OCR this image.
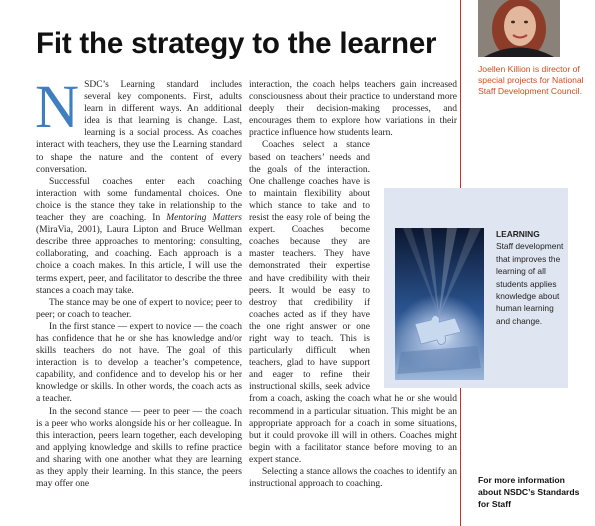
Fit the strategy to the learner
Joellen Killion is director of special projects for National Staff Development Council.
LEARNING
Staff development that improves the learning of all students applies knowledge about human learning and change.

NSDC’s Learning standard includes several key components. First, adults learn in different ways. An additional idea is that learning is change. Last, learning is a social process. As coaches interact with teachers, they use the Learning standard to shape the nature and the content of every conversation.

Successful coaches enter each coaching interaction with some fundamental choices. One choice is the stance they take in relationship to the teacher they are coaching. In Mentoring Matters (MiraVia, 2001), Laura Lipton and Bruce Wellman describe three approaches to mentoring: consulting, collaborating, and coaching. Each approach is a choice a coach makes. In this article, I will use the terms expert, peer, and facilitator to describe the three stances a coach may take.

The stance may be one of expert to novice; peer to peer; or coach to teacher.

In the first stance — expert to novice — the coach has confidence that he or she has knowledge and/or skills teachers do not have. The goal of this interaction is to develop a teacher’s competence, capability, and confidence and to develop his or her knowledge or skills. In other words, the coach acts as a teacher.

In the second stance — peer to peer — the coach is a peer who works alongside his or her colleague. In this interaction, peers learn together, each developing and applying knowledge and skills to refine practice and sharing with one another what they are learning as they apply their learning. In this stance, the peers may offer one

interaction, the coach helps teachers gain increased consciousness about their practice to understand more deeply their decision-making processes, and encourages them to explore how variations in their practice influence how students learn.

Coaches select a stance based on teachers’ needs and the goals of the interaction. One challenge coaches have is to maintain flexibility about which stance to take and to resist the easy role of being the expert. Coaches become coaches because they are master teachers. They have demonstrated their expertise and have credibility with their peers. It would be easy to destroy that credibility if coaches acted as if they have the one right answer or one right way to teach. This is particularly difficult when teachers, glad to have support and eager to refine their instructional skills, seek advice from a coach, asking the coach what he or she would recommend in a particular situation. This might be an appropriate approach for a coach in some situations, but it could provoke ill will in others. Coaches might begin with a facilitator stance before moving to an expert stance.

Selecting a stance allows the coaches to identify an instructional approach to coaching.	For more information about NSDC’s Standards for Staff
